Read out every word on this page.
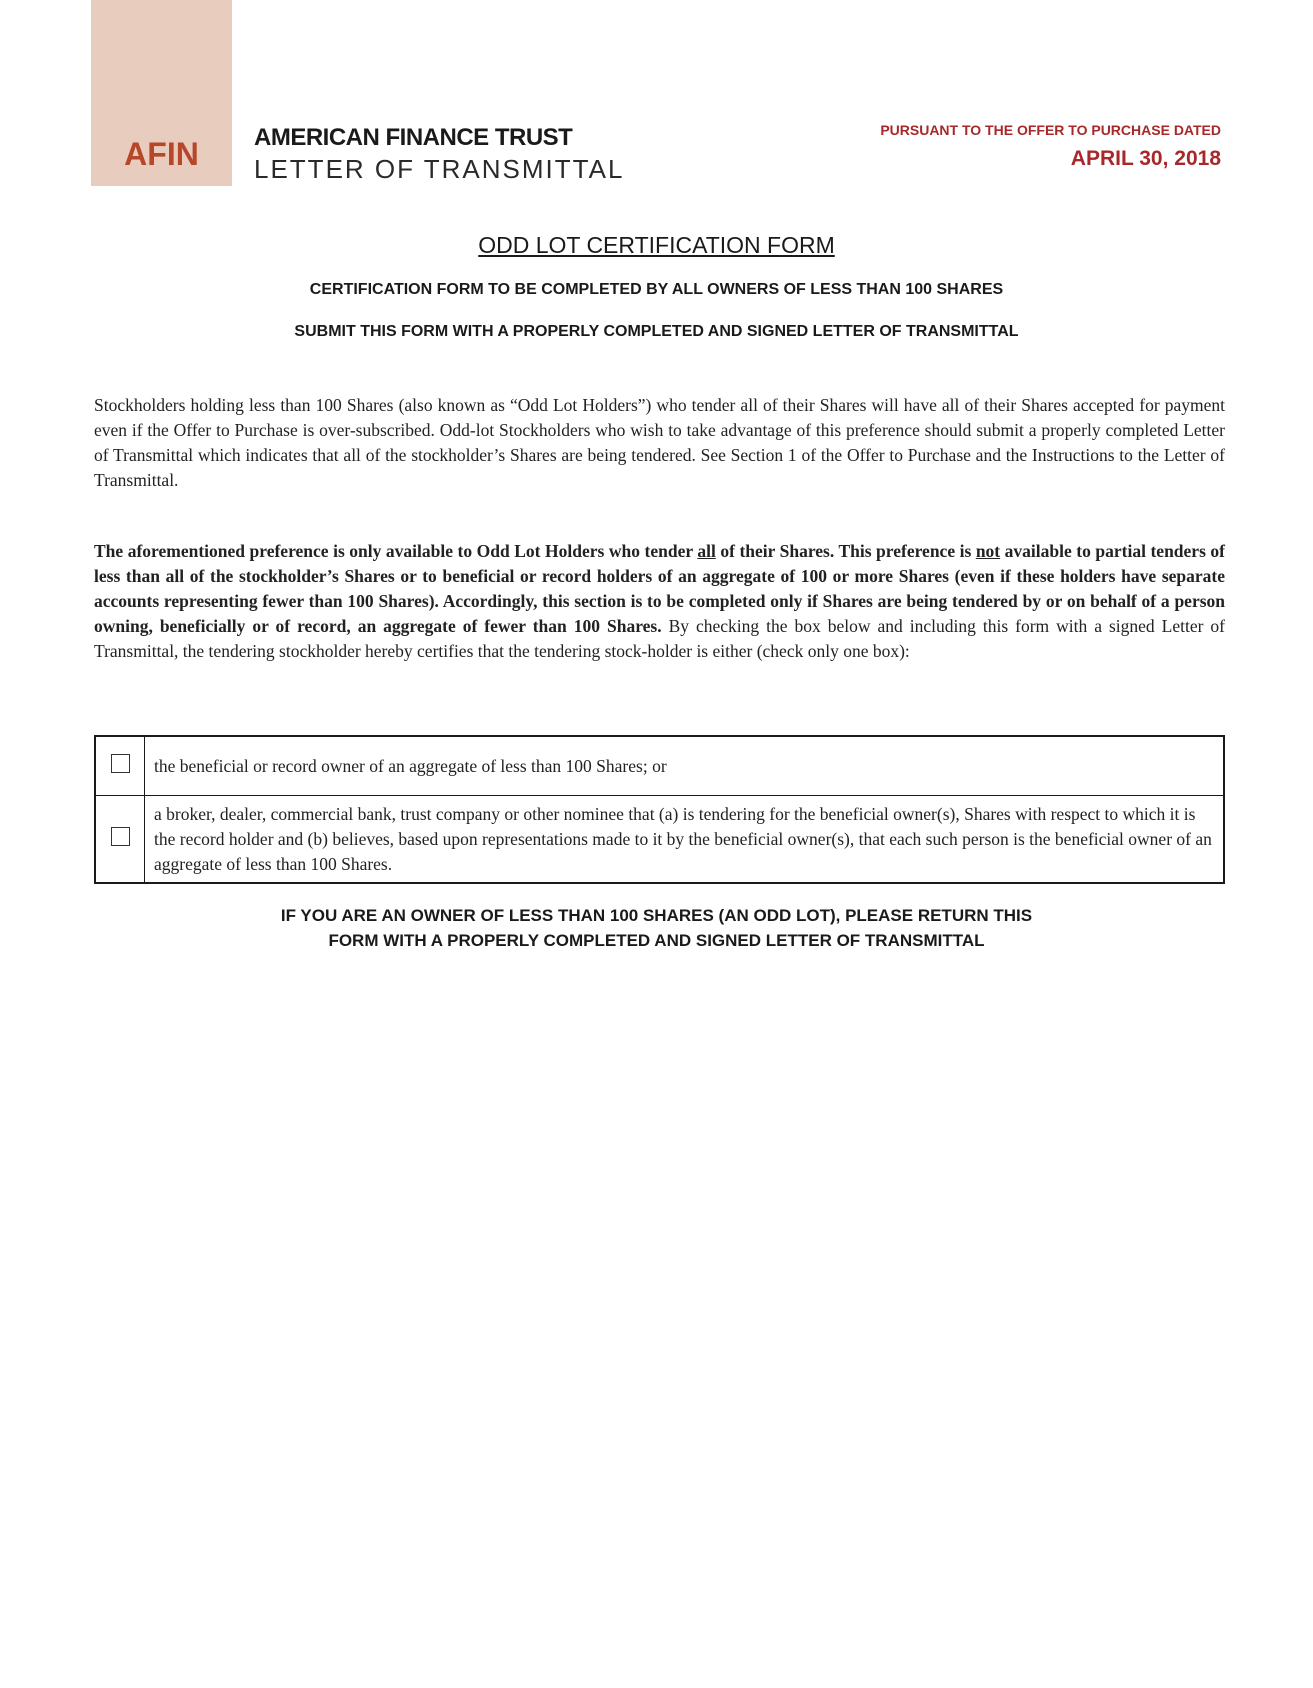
AFIN	AMERICAN FINANCE TRUST
LETTER OF TRANSMITTAL
PURSUANT TO THE OFFER TO PURCHASE DATED
APRIL 30, 2018
ODD LOT CERTIFICATION FORM
CERTIFICATION FORM TO BE COMPLETED BY ALL OWNERS OF LESS THAN 100 SHARES
SUBMIT THIS FORM WITH A PROPERLY COMPLETED AND SIGNED LETTER OF TRANSMITTAL
Stockholders holding less than 100 Shares (also known as “Odd Lot Holders”) who tender all of their Shares will have all of their Shares accepted for payment even if the Offer to Purchase is over-subscribed. Odd-lot Stockholders who wish to take advantage of this preference should submit a properly completed Letter of Transmittal which indicates that all of the stockholder’s Shares are being tendered. See Section 1 of the Offer to Purchase and the Instructions to the Letter of Transmittal.
The aforementioned preference is only available to Odd Lot Holders who tender all of their Shares. This preference is not available to partial tenders of less than all of the stockholder’s Shares or to beneficial or record holders of an aggregate of 100 or more Shares (even if these holders have separate accounts representing fewer than 100 Shares). Accordingly, this section is to be completed only if Shares are being tendered by or on behalf of a person owning, beneficially or of record, an aggregate of fewer than 100 Shares. By checking the box below and including this form with a signed Letter of Transmittal, the tendering stockholder hereby certifies that the tendering stock-holder is either (check only one box):
	the beneficial or record owner of an aggregate of less than 100 Shares; or
	a broker, dealer, commercial bank, trust company or other nominee that (a) is tendering for the beneficial owner(s), Shares with respect to which it is the record holder and (b) believes, based upon representations made to it by the beneficial owner(s), that each such person is the beneficial owner of an aggregate of less than 100 Shares.
IF YOU ARE AN OWNER OF LESS THAN 100 SHARES (AN ODD LOT), PLEASE RETURN THIS
FORM WITH A PROPERLY COMPLETED AND SIGNED LETTER OF TRANSMITTAL
